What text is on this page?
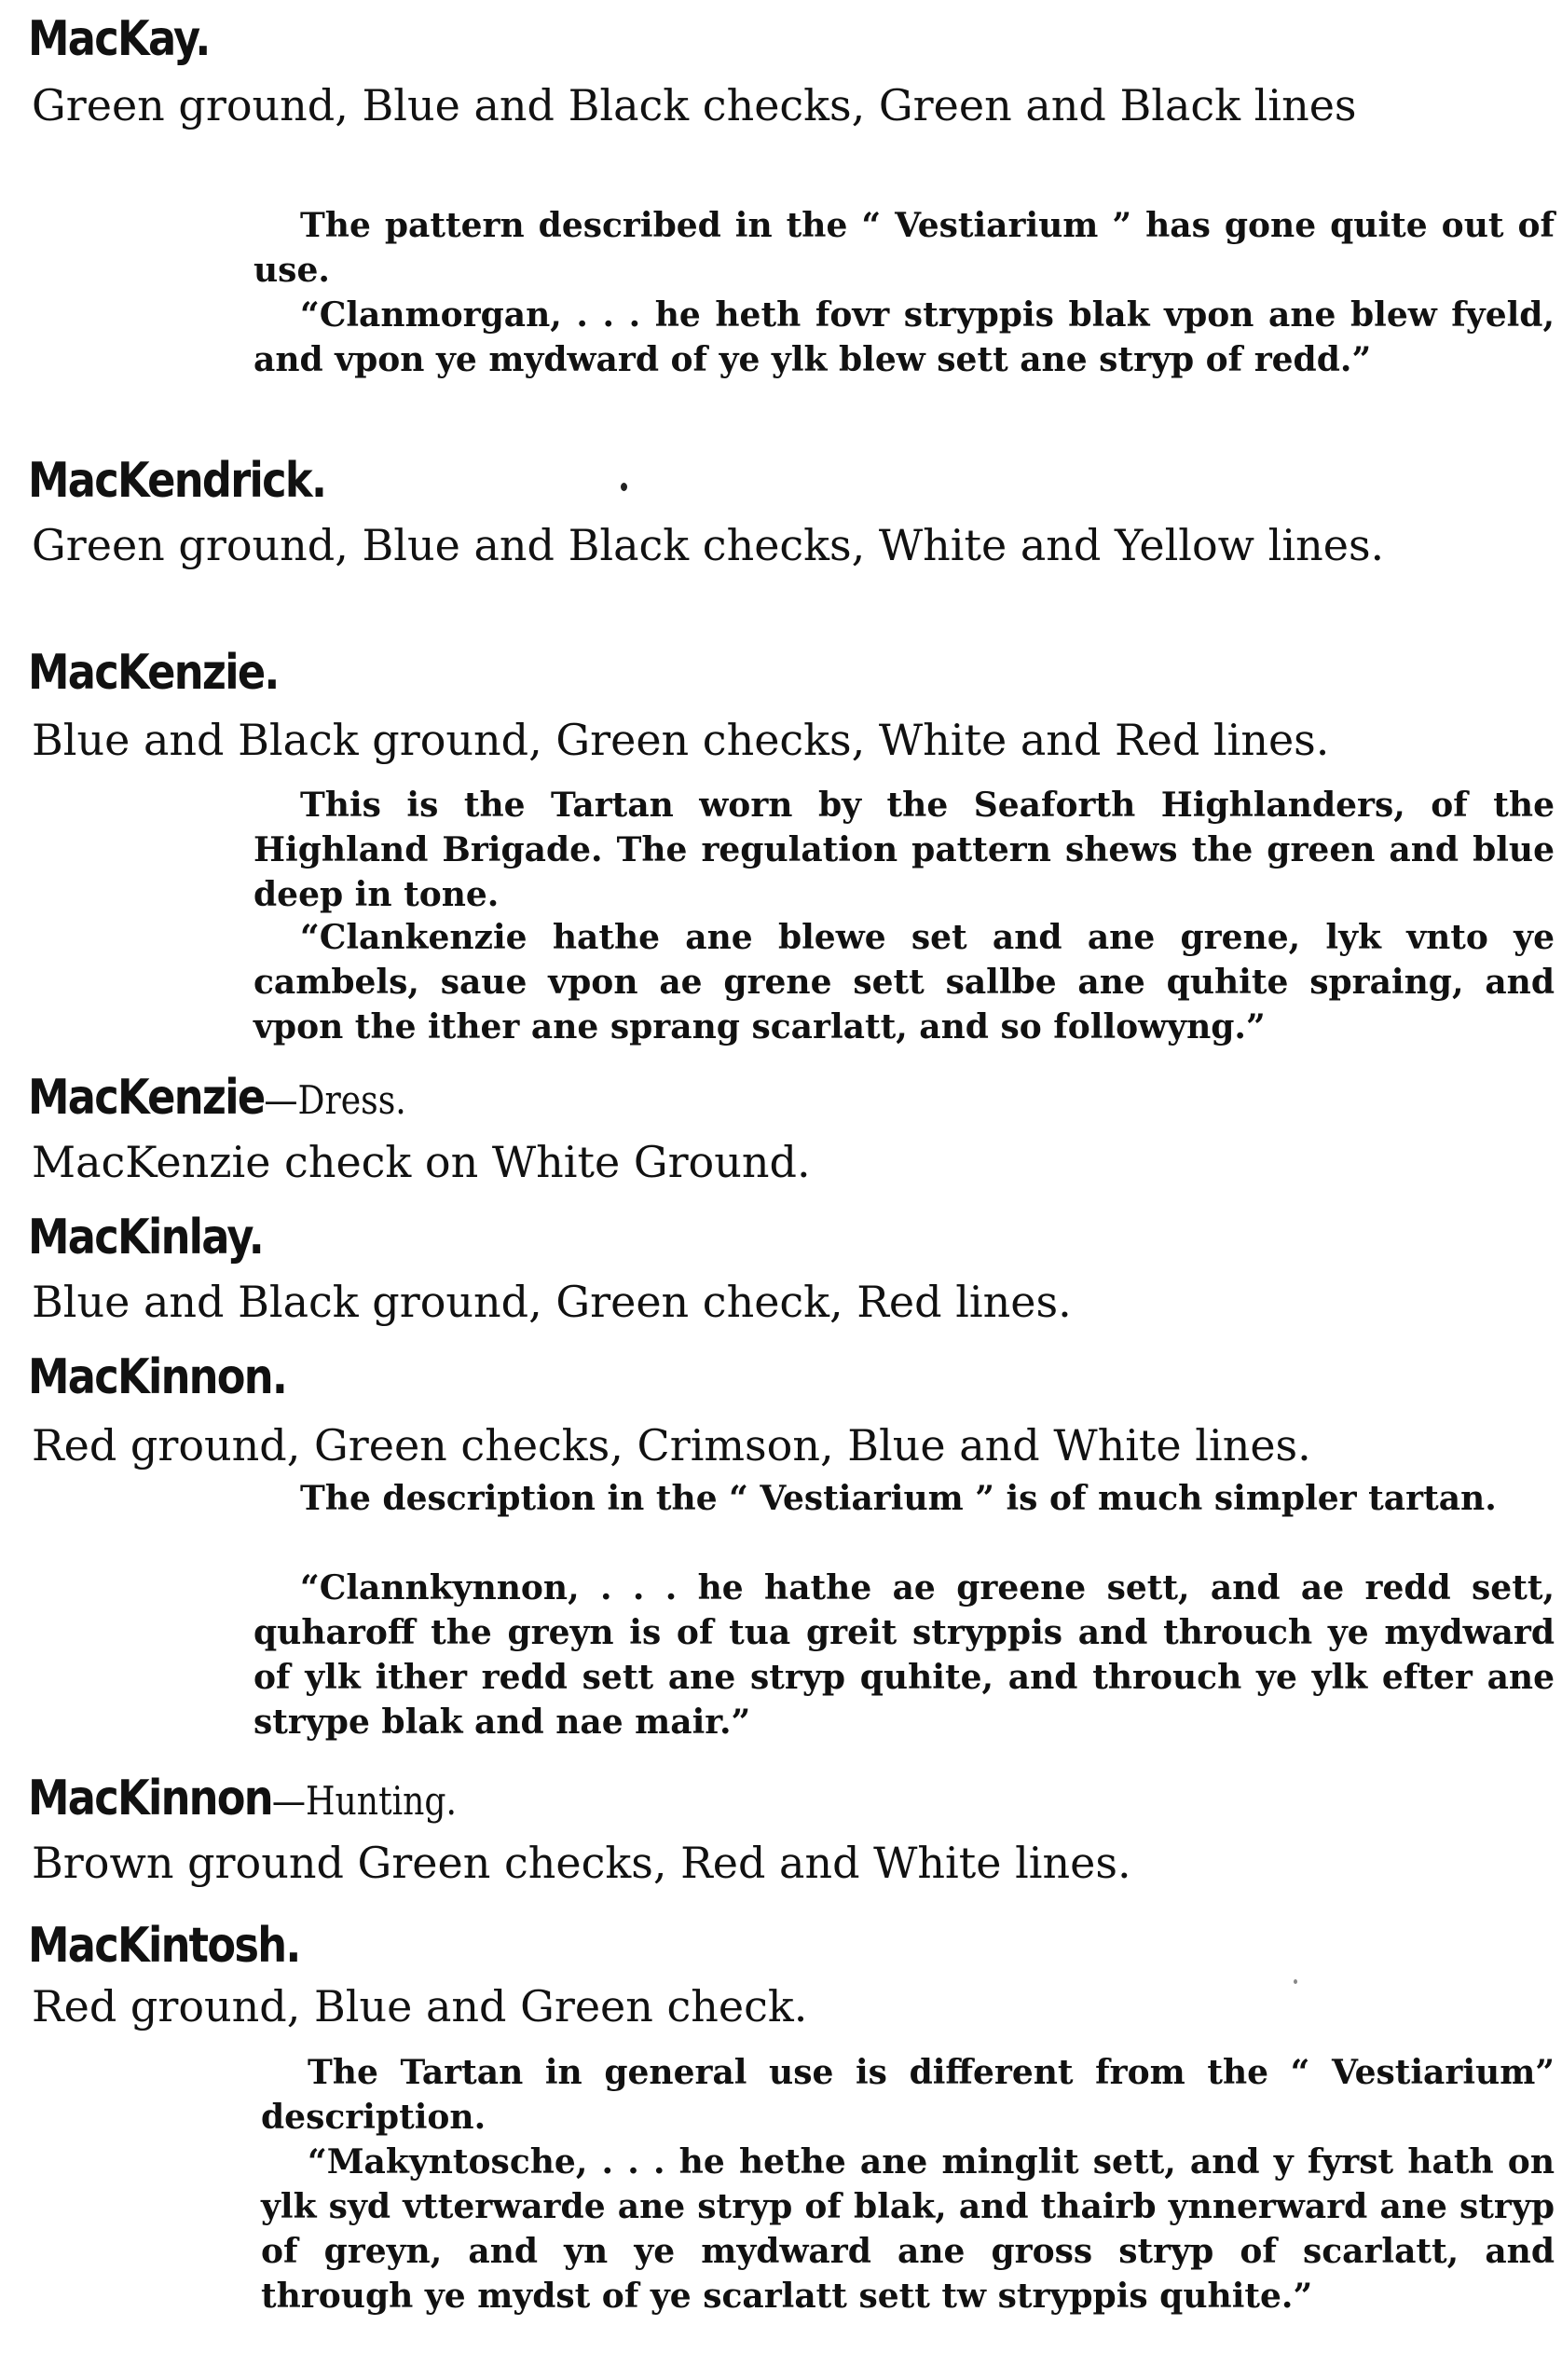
MacKay.

Green ground, Blue and Black checks, Green and Black lines

The pattern described in the “ Vestiarium ” has gone quite out of use.

“Clanmorgan, . . . he heth fovr stryppis blak vpon ane blew fyeld, and vpon ye mydward of ye ylk blew sett ane stryp of redd.”

MacKendrick.

Green ground, Blue and Black checks, White and Yellow lines.

MacKenzie.

Blue and Black ground, Green checks, White and Red lines.

This is the Tartan worn by the Seaforth Highlanders, of the Highland Brigade. The regulation pattern shews the green and blue deep in tone.

“Clankenzie hathe ane blewe set and ane grene, lyk vnto ye cambels, saue vpon ae grene sett sallbe ane quhite spraing, and vpon the ither ane sprang scarlatt, and so followyng.”

MacKenzie—Dress.

MacKenzie check on White Ground.

MacKinlay.

Blue and Black ground, Green check, Red lines.

MacKinnon.

Red ground, Green checks, Crimson, Blue and White lines.

The description in the “ Vestiarium ” is of much simpler tartan.

“Clannkynnon, . . . he hathe ae greene sett, and ae redd sett, quharoff the greyn is of tua greit stryppis and throuch ye mydward of ylk ither redd sett ane stryp quhite, and throuch ye ylk efter ane strype blak and nae mair.”

MacKinnon—Hunting.

Brown ground Green checks, Red and White lines.

MacKintosh.

Red ground, Blue and Green check.

The Tartan in general use is different from the “ Vestiarium” description.

“Makyntosche, . . . he hethe ane minglit sett, and y fyrst hath on ylk syd vtterwarde ane stryp of blak, and thairb ynnerward ane stryp of greyn, and yn ye mydward ane gross stryp of scarlatt, and through ye mydst of ye scarlatt sett tw stryppis quhite.”
